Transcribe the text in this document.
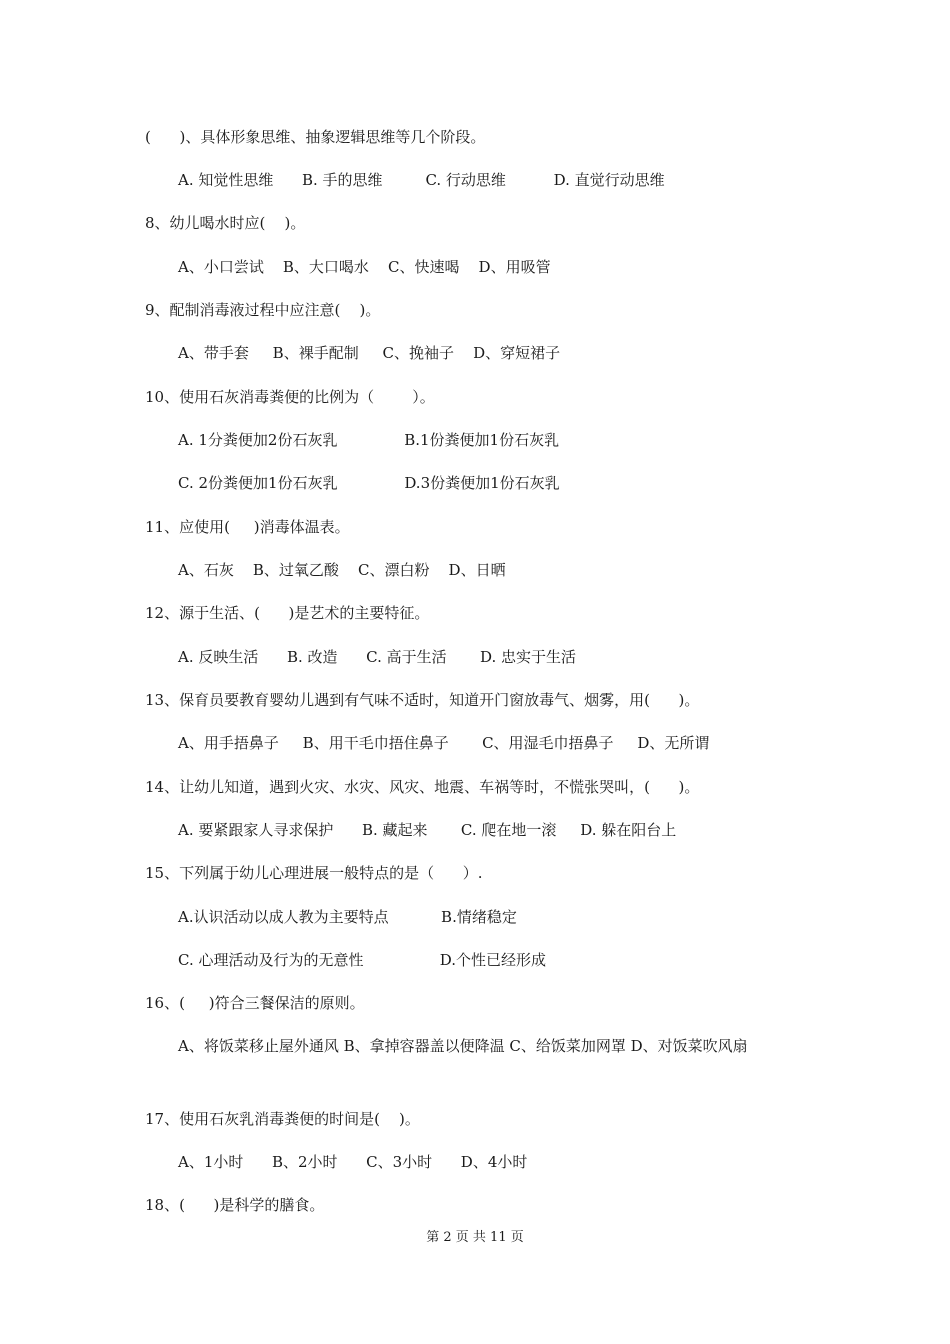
(      )、具体形象思维、抽象逻辑思维等几个阶段。
A. 知觉性思维      B. 手的思维         C. 行动思维          D. 直觉行动思维
8、幼儿喝水时应(    )。
A、小口尝试    B、大口喝水    C、快速喝    D、用吸管
9、配制消毒液过程中应注意(    )。
A、带手套     B、裸手配制     C、挽袖子    D、穿短裙子
10、使用石灰消毒粪便的比例为（        ）。
A. 1分粪便加2份石灰乳              B.1份粪便加1份石灰乳
C. 2份粪便加1份石灰乳              D.3份粪便加1份石灰乳
11、应使用(     )消毒体温表。
A、石灰    B、过氧乙酸    C、漂白粉    D、日晒
12、源于生活、(      )是艺术的主要特征。
A. 反映生活      B. 改造      C. 高于生活       D. 忠实于生活
13、保育员要教育婴幼儿遇到有气味不适时，知道开门窗放毒气、烟雾，用(      )。
A、用手捂鼻子     B、用干毛巾捂住鼻子       C、用湿毛巾捂鼻子     D、无所谓
14、让幼儿知道，遇到火灾、水灾、风灾、地震、车祸等时，不慌张哭叫，(      )。
A. 要紧跟家人寻求保护      B. 藏起来       C. 爬在地一滚     D. 躲在阳台上
15、下列属于幼儿心理进展一般特点的是（      ）.
A.认识活动以成人教为主要特点           B.情绪稳定
C. 心理活动及行为的无意性                D.个性已经形成
16、(     )符合三餐保洁的原则。
A、将饭菜移止屋外通风 B、拿掉容器盖以便降温 C、给饭菜加网罩 D、对饭菜吹风扇
17、使用石灰乳消毒粪便的时间是(    )。
A、1小时      B、2小时      C、3小时      D、4小时
18、(      )是科学的膳食。
第 2 页 共 11 页
